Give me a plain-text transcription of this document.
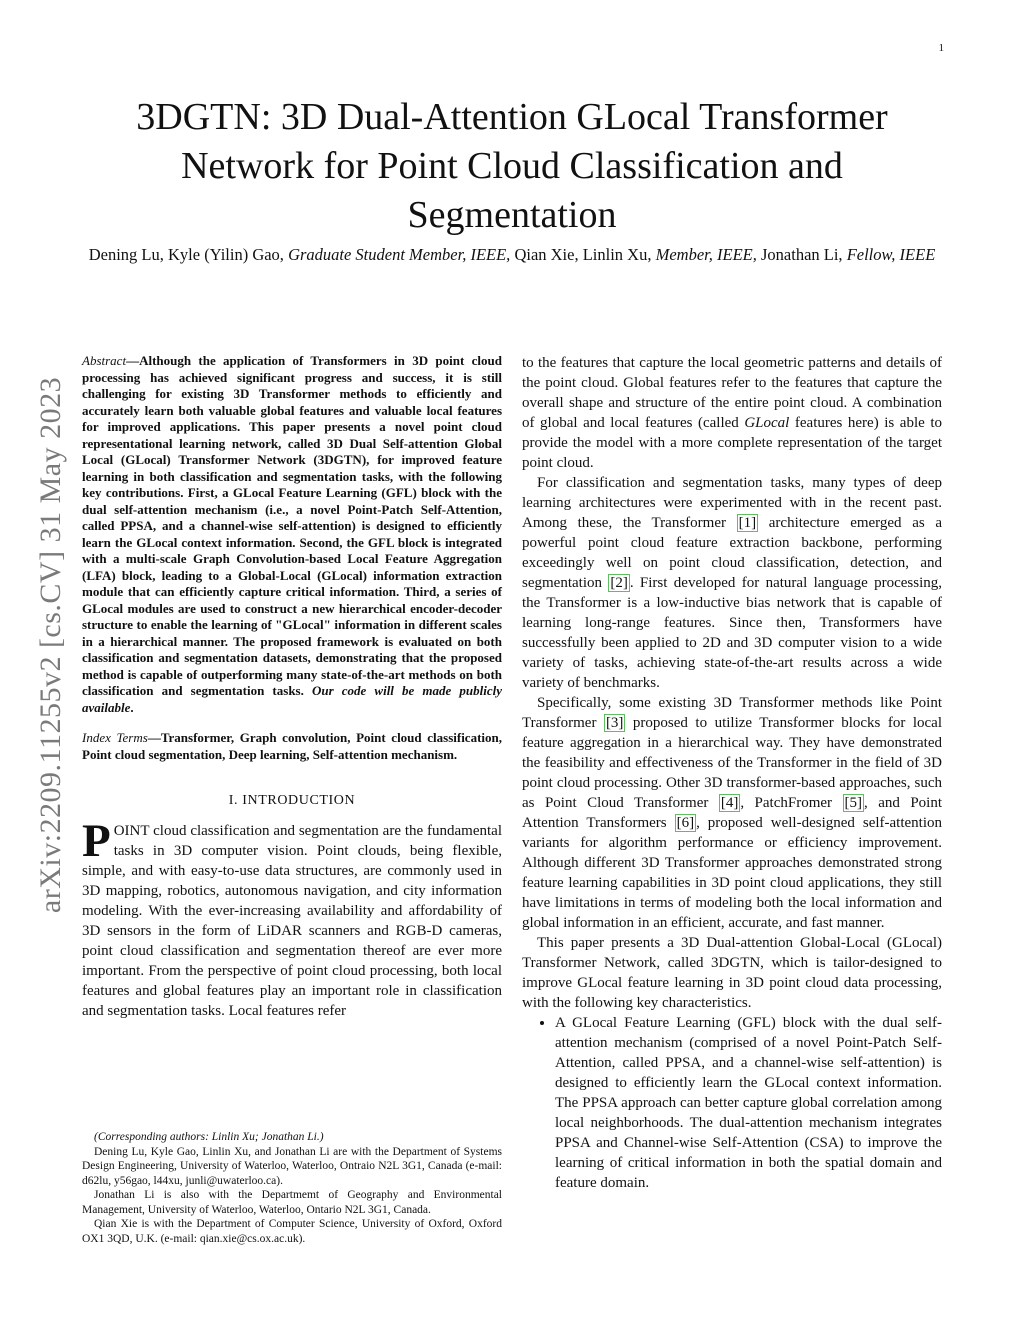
1
arXiv:2209.11255v2 [cs.CV] 31 May 2023
3DGTN: 3D Dual-Attention GLocal Transformer Network for Point Cloud Classification and Segmentation
Dening Lu, Kyle (Yilin) Gao, Graduate Student Member, IEEE, Qian Xie, Linlin Xu, Member, IEEE, Jonathan Li, Fellow, IEEE

Abstract—Although the application of Transformers in 3D point cloud processing has achieved significant progress and success, it is still challenging for existing 3D Transformer methods to efficiently and accurately learn both valuable global features and valuable local features for improved applications. This paper presents a novel point cloud representational learning network, called 3D Dual Self-attention Global Local (GLocal) Transformer Network (3DGTN), for improved feature learning in both classification and segmentation tasks, with the following key contributions. First, a GLocal Feature Learning (GFL) block with the dual self-attention mechanism (i.e., a novel Point-Patch Self-Attention, called PPSA, and a channel-wise self-attention) is designed to efficiently learn the GLocal context information. Second, the GFL block is integrated with a multi-scale Graph Convolution-based Local Feature Aggregation (LFA) block, leading to a Global-Local (GLocal) information extraction module that can efficiently capture critical information. Third, a series of GLocal modules are used to construct a new hierarchical encoder-decoder structure to enable the learning of "GLocal" information in different scales in a hierarchical manner. The proposed framework is evaluated on both classification and segmentation datasets, demonstrating that the proposed method is capable of outperforming many state-of-the-art methods on both classification and segmentation tasks. Our code will be made publicly available.

Index Terms—Transformer, Graph convolution, Point cloud classification, Point cloud segmentation, Deep learning, Self-attention mechanism.

I. INTRODUCTION

POINT cloud classification and segmentation are the fundamental tasks in 3D computer vision. Point clouds, being flexible, simple, and with easy-to-use data structures, are commonly used in 3D mapping, robotics, autonomous navigation, and city information modeling. With the ever-increasing availability and affordability of 3D sensors in the form of LiDAR scanners and RGB-D cameras, point cloud classification and segmentation thereof are ever more important. From the perspective of point cloud processing, both local features and global features play an important role in classification and segmentation tasks. Local features refer

(Corresponding authors: Linlin Xu; Jonathan Li.)

Dening Lu, Kyle Gao, Linlin Xu, and Jonathan Li are with the Department of Systems Design Engineering, University of Waterloo, Waterloo, Ontraio N2L 3G1, Canada (e-mail: d62lu, y56gao, l44xu, junli@uwaterloo.ca).

Jonathan Li is also with the Departmemt of Geography and Environmental Management, University of Waterloo, Waterloo, Ontario N2L 3G1, Canada.

Qian Xie is with the Department of Computer Science, University of Oxford, Oxford OX1 3QD, U.K. (e-mail: qian.xie@cs.ox.ac.uk).

to the features that capture the local geometric patterns and details of the point cloud. Global features refer to the features that capture the overall shape and structure of the entire point cloud. A combination of global and local features (called GLocal features here) is able to provide the model with a more complete representation of the target point cloud.

For classification and segmentation tasks, many types of deep learning architectures were experimented with in the recent past. Among these, the Transformer [1] architecture emerged as a powerful point cloud feature extraction backbone, performing exceedingly well on point cloud classification, detection, and segmentation [2] . First developed for natural language processing, the Transformer is a low-inductive bias network that is capable of learning long-range features. Since then, Transformers have successfully been applied to 2D and 3D computer vision to a wide variety of tasks, achieving state-of-the-art results across a wide variety of benchmarks.

Specifically, some existing 3D Transformer methods like Point Transformer [3] proposed to utilize Transformer blocks for local feature aggregation in a hierarchical way. They have demonstrated the feasibility and effectiveness of the Transformer in the field of 3D point cloud processing. Other 3D transformer-based approaches, such as Point Cloud Transformer [4] , PatchFromer [5] , and Point Attention Transformers [6] , proposed well-designed self-attention variants for algorithm performance or efficiency improvement. Although different 3D Transformer approaches demonstrated strong feature learning capabilities in 3D point cloud applications, they still have limitations in terms of modeling both the local information and global information in an efficient, accurate, and fast manner.

This paper presents a 3D Dual-attention Global-Local (GLocal) Transformer Network, called 3DGTN, which is tailor-designed to improve GLocal feature learning in 3D point cloud data processing, with the following key characteristics.

• A GLocal Feature Learning (GFL) block with the dual self-attention mechanism (comprised of a novel Point-Patch Self-Attention, called PPSA, and a channel-wise self-attention) is designed to efficiently learn the GLocal context information. The PPSA approach can better capture global correlation among local neighborhoods. The dual-attention mechanism integrates PPSA and Channel-wise Self-Attention (CSA) to improve the learning of critical information in both the spatial domain and feature domain.
